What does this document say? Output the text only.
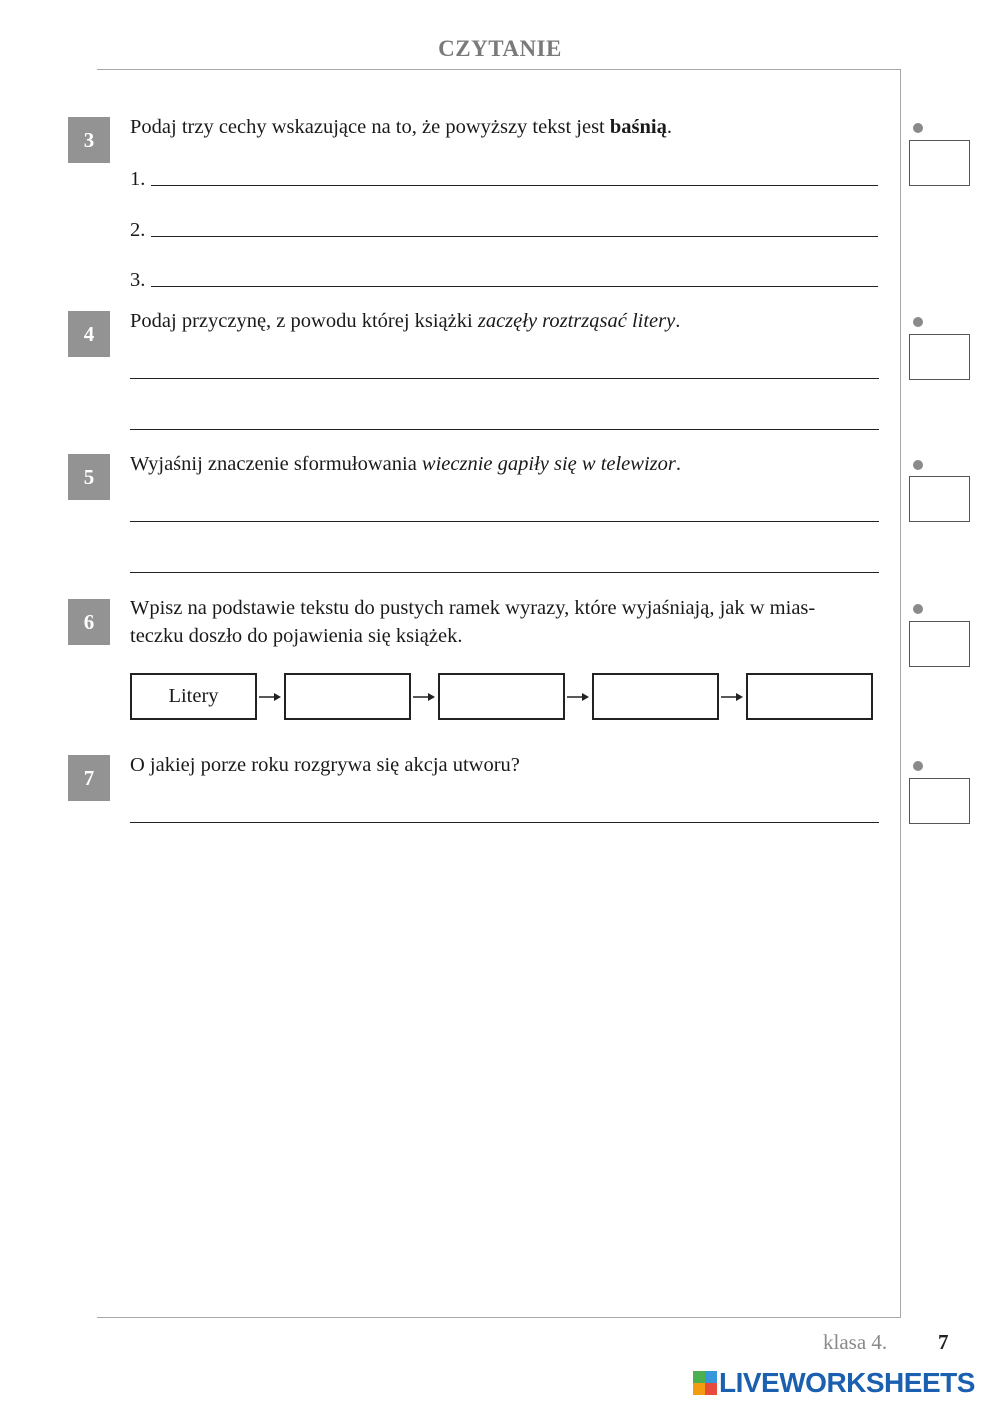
CZYTANIE
3
Podaj trzy cechy wskazujące na to, że powyższy tekst jest baśnią.
1.
2.
3.
4
Podaj przyczynę, z powodu której książki zaczęły roztrząsać litery.
5
Wyjaśnij znaczenie sformułowania wiecznie gapiły się w telewizor.
6
Wpisz na podstawie tekstu do pustych ramek wyrazy, które wyjaśniają, jak w mias-
teczku doszło do pojawienia się książek.
Litery
7
O jakiej porze roku rozgrywa się akcja utworu?
klasa 4. 7
LIVEWORKSHEETS
